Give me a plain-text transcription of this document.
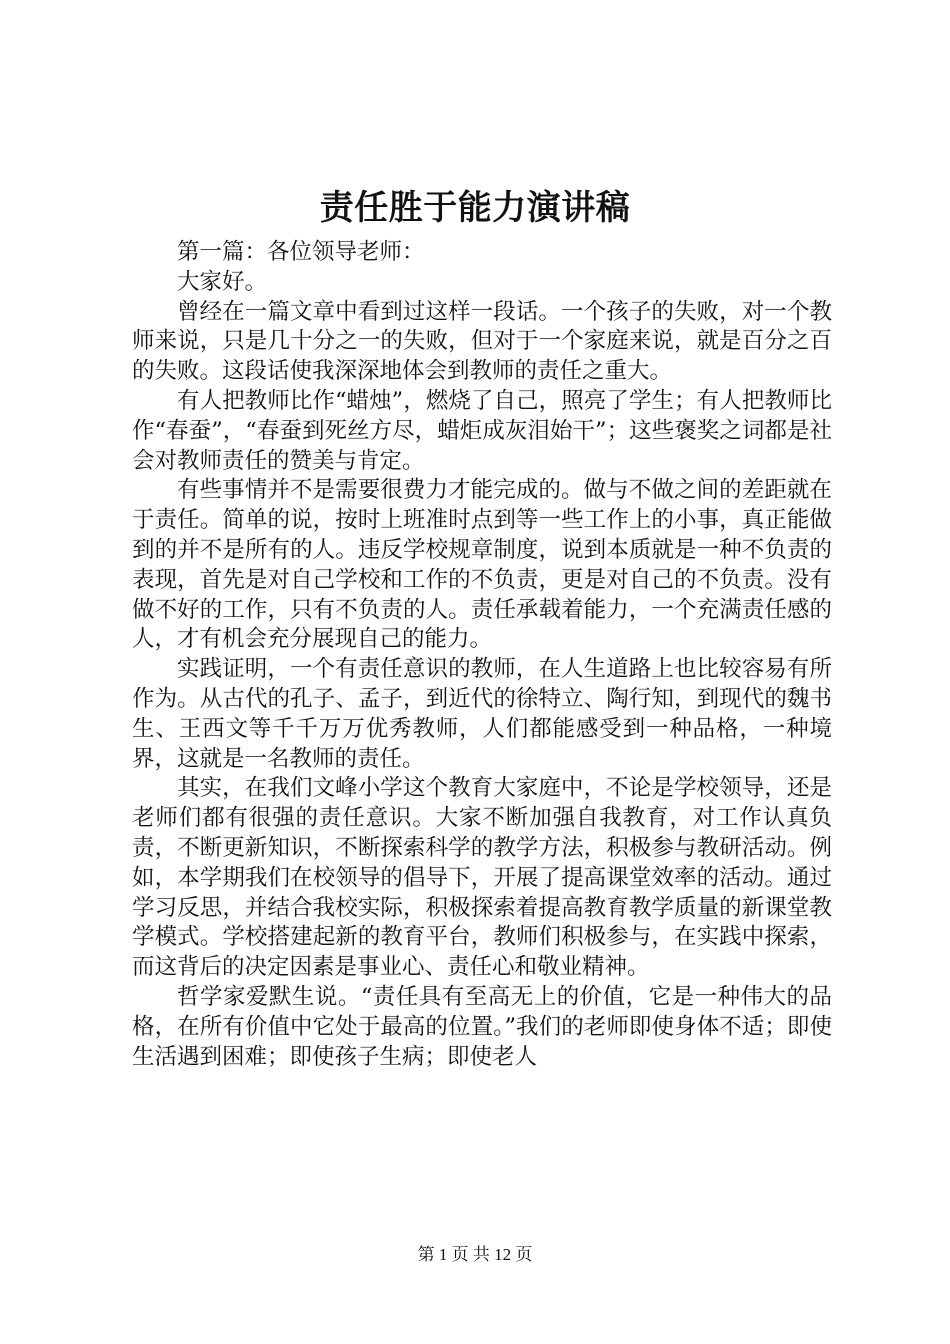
责任胜于能力演讲稿

第一篇：各位领导老师：

大家好。

曾经在一篇文章中看到过这样一段话。一个孩子的失败，对一个教师来说，只是几十分之一的失败，但对于一个家庭来说，就是百分之百的失败。这段话使我深深地体会到教师的责任之重大。

有人把教师比作“蜡烛”，燃烧了自己，照亮了学生；有人把教师比作“春蚕”，“春蚕到死丝方尽，蜡炬成灰泪始干”；这些褒奖之词都是社会对教师责任的赞美与肯定。

有些事情并不是需要很费力才能完成的。做与不做之间的差距就在于责任。简单的说，按时上班准时点到等一些工作上的小事，真正能做到的并不是所有的人。违反学校规章制度，说到本质就是一种不负责的表现，首先是对自己学校和工作的不负责，更是对自己的不负责。没有做不好的工作，只有不负责的人。责任承载着能力，一个充满责任感的人，才有机会充分展现自己的能力。

实践证明，一个有责任意识的教师，在人生道路上也比较容易有所作为。从古代的孔子、孟子，到近代的徐特立、陶行知，到现代的魏书生、王西文等千千万万优秀教师，人们都能感受到一种品格，一种境界，这就是一名教师的责任。

其实，在我们文峰小学这个教育大家庭中，不论是学校领导，还是老师们都有很强的责任意识。大家不断加强自我教育，对工作认真负责，不断更新知识，不断探索科学的教学方法，积极参与教研活动。例如，本学期我们在校领导的倡导下，开展了提高课堂效率的活动。通过学习反思，并结合我校实际，积极探索着提高教育教学质量的新课堂教学模式。学校搭建起新的教育平台，教师们积极参与，在实践中探索，而这背后的决定因素是事业心、责任心和敬业精神。

哲学家爱默生说。“责任具有至高无上的价值，它是一种伟大的品格，在所有价值中它处于最高的位置。”我们的老师即使身体不适；即使生活遇到困难；即使孩子生病；即使老人

第 1 页 共 12 页
